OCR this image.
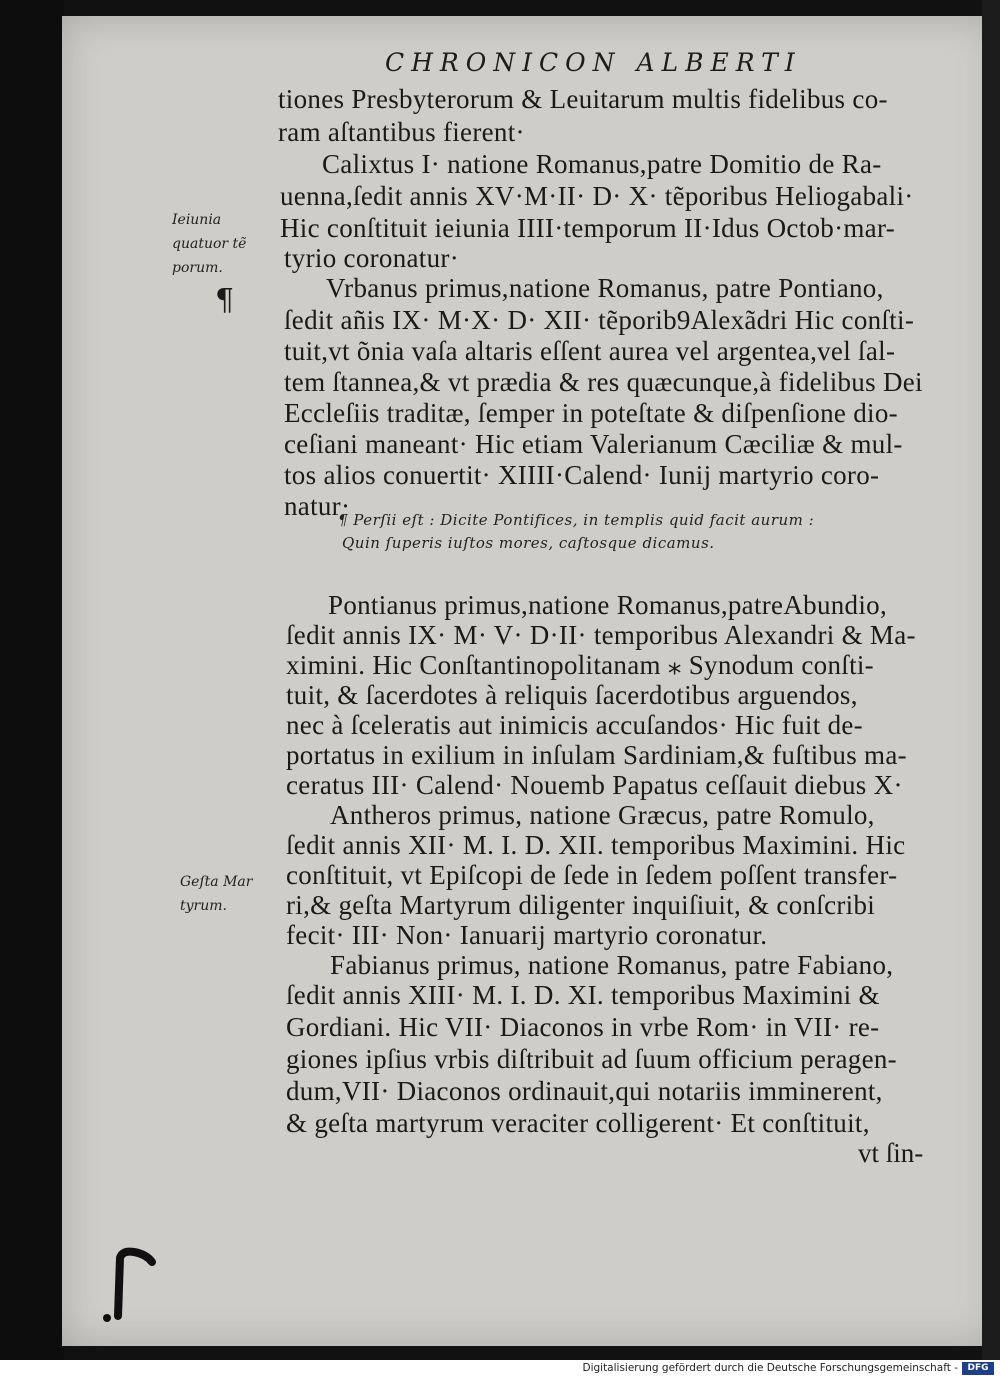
CHRONICON ALBERTI
tiones Presbyterorum & Leuitarum multis fidelibus co-
ram aſtantibus fierent·
Calixtus I· natione Romanus,patre Domitio de Ra-
uenna,ſedit annis XV·M·II· D· X· tẽporibus Heliogabali·
Hic conſtituit ieiunia IIII·temporum II·Idus Octob·mar-
tyrio coronatur·
Vrbanus primus,natione Romanus, patre Pontiano,
ſedit añis IX· M·X· D· XII· tẽporib9Alexãdri Hic conſti-
tuit,vt õnia vaſa altaris eſſent aurea vel argentea,vel ſal-
tem ſtannea,& vt prædia & res quæcunque,à fidelibus Dei
Eccleſiis traditæ, ſemper in poteſtate & diſpenſione dio-
ceſiani maneant· Hic etiam Valerianum Cæciliæ & mul-
tos alios conuertit· XIIII·Calend· Iunij martyrio coro-
natur·
¶ Perſii eſt : Dicite Pontifices, in templis quid facit aurum :
Quin ſuperis iuſtos mores, caſtosque dicamus.
Pontianus primus,natione Romanus,patreAbundio,
ſedit annis IX· M· V· D·II· temporibus Alexandri & Ma-
ximini. Hic Conſtantinopolitanam ⁎ Synodum conſti-
tuit, & ſacerdotes à reliquis ſacerdotibus arguendos,
nec à ſceleratis aut inimicis accuſandos· Hic fuit de-
portatus in exilium in inſulam Sardiniam,& fuſtibus ma-
ceratus III· Calend· Nouemb Papatus ceſſauit diebus X·
Antheros primus, natione Græcus, patre Romulo,
ſedit annis XII· M. I. D. XII. temporibus Maximini. Hic
conſtituit, vt Epiſcopi de ſede in ſedem poſſent transfer-
ri,& geſta Martyrum diligenter inquiſiuit, & conſcribi
fecit· III· Non· Ianuarij martyrio coronatur.
Fabianus primus, natione Romanus, patre Fabiano,
ſedit annis XIII· M. I. D. XI. temporibus Maximini &
Gordiani. Hic VII· Diaconos in vrbe Rom· in VII· re-
giones ipſius vrbis diſtribuit ad ſuum officium peragen-
dum,VII· Diaconos ordinauit,qui notariis imminerent,
& geſta martyrum veraciter colligerent· Et conſtituit,
vt ſin-
Ieiunia
quatuor tẽ
porum.
¶
Geſta Mar
tyrum.
Digitalisierung gefördert durch die Deutsche Forschungsgemeinschaft -	DFG
